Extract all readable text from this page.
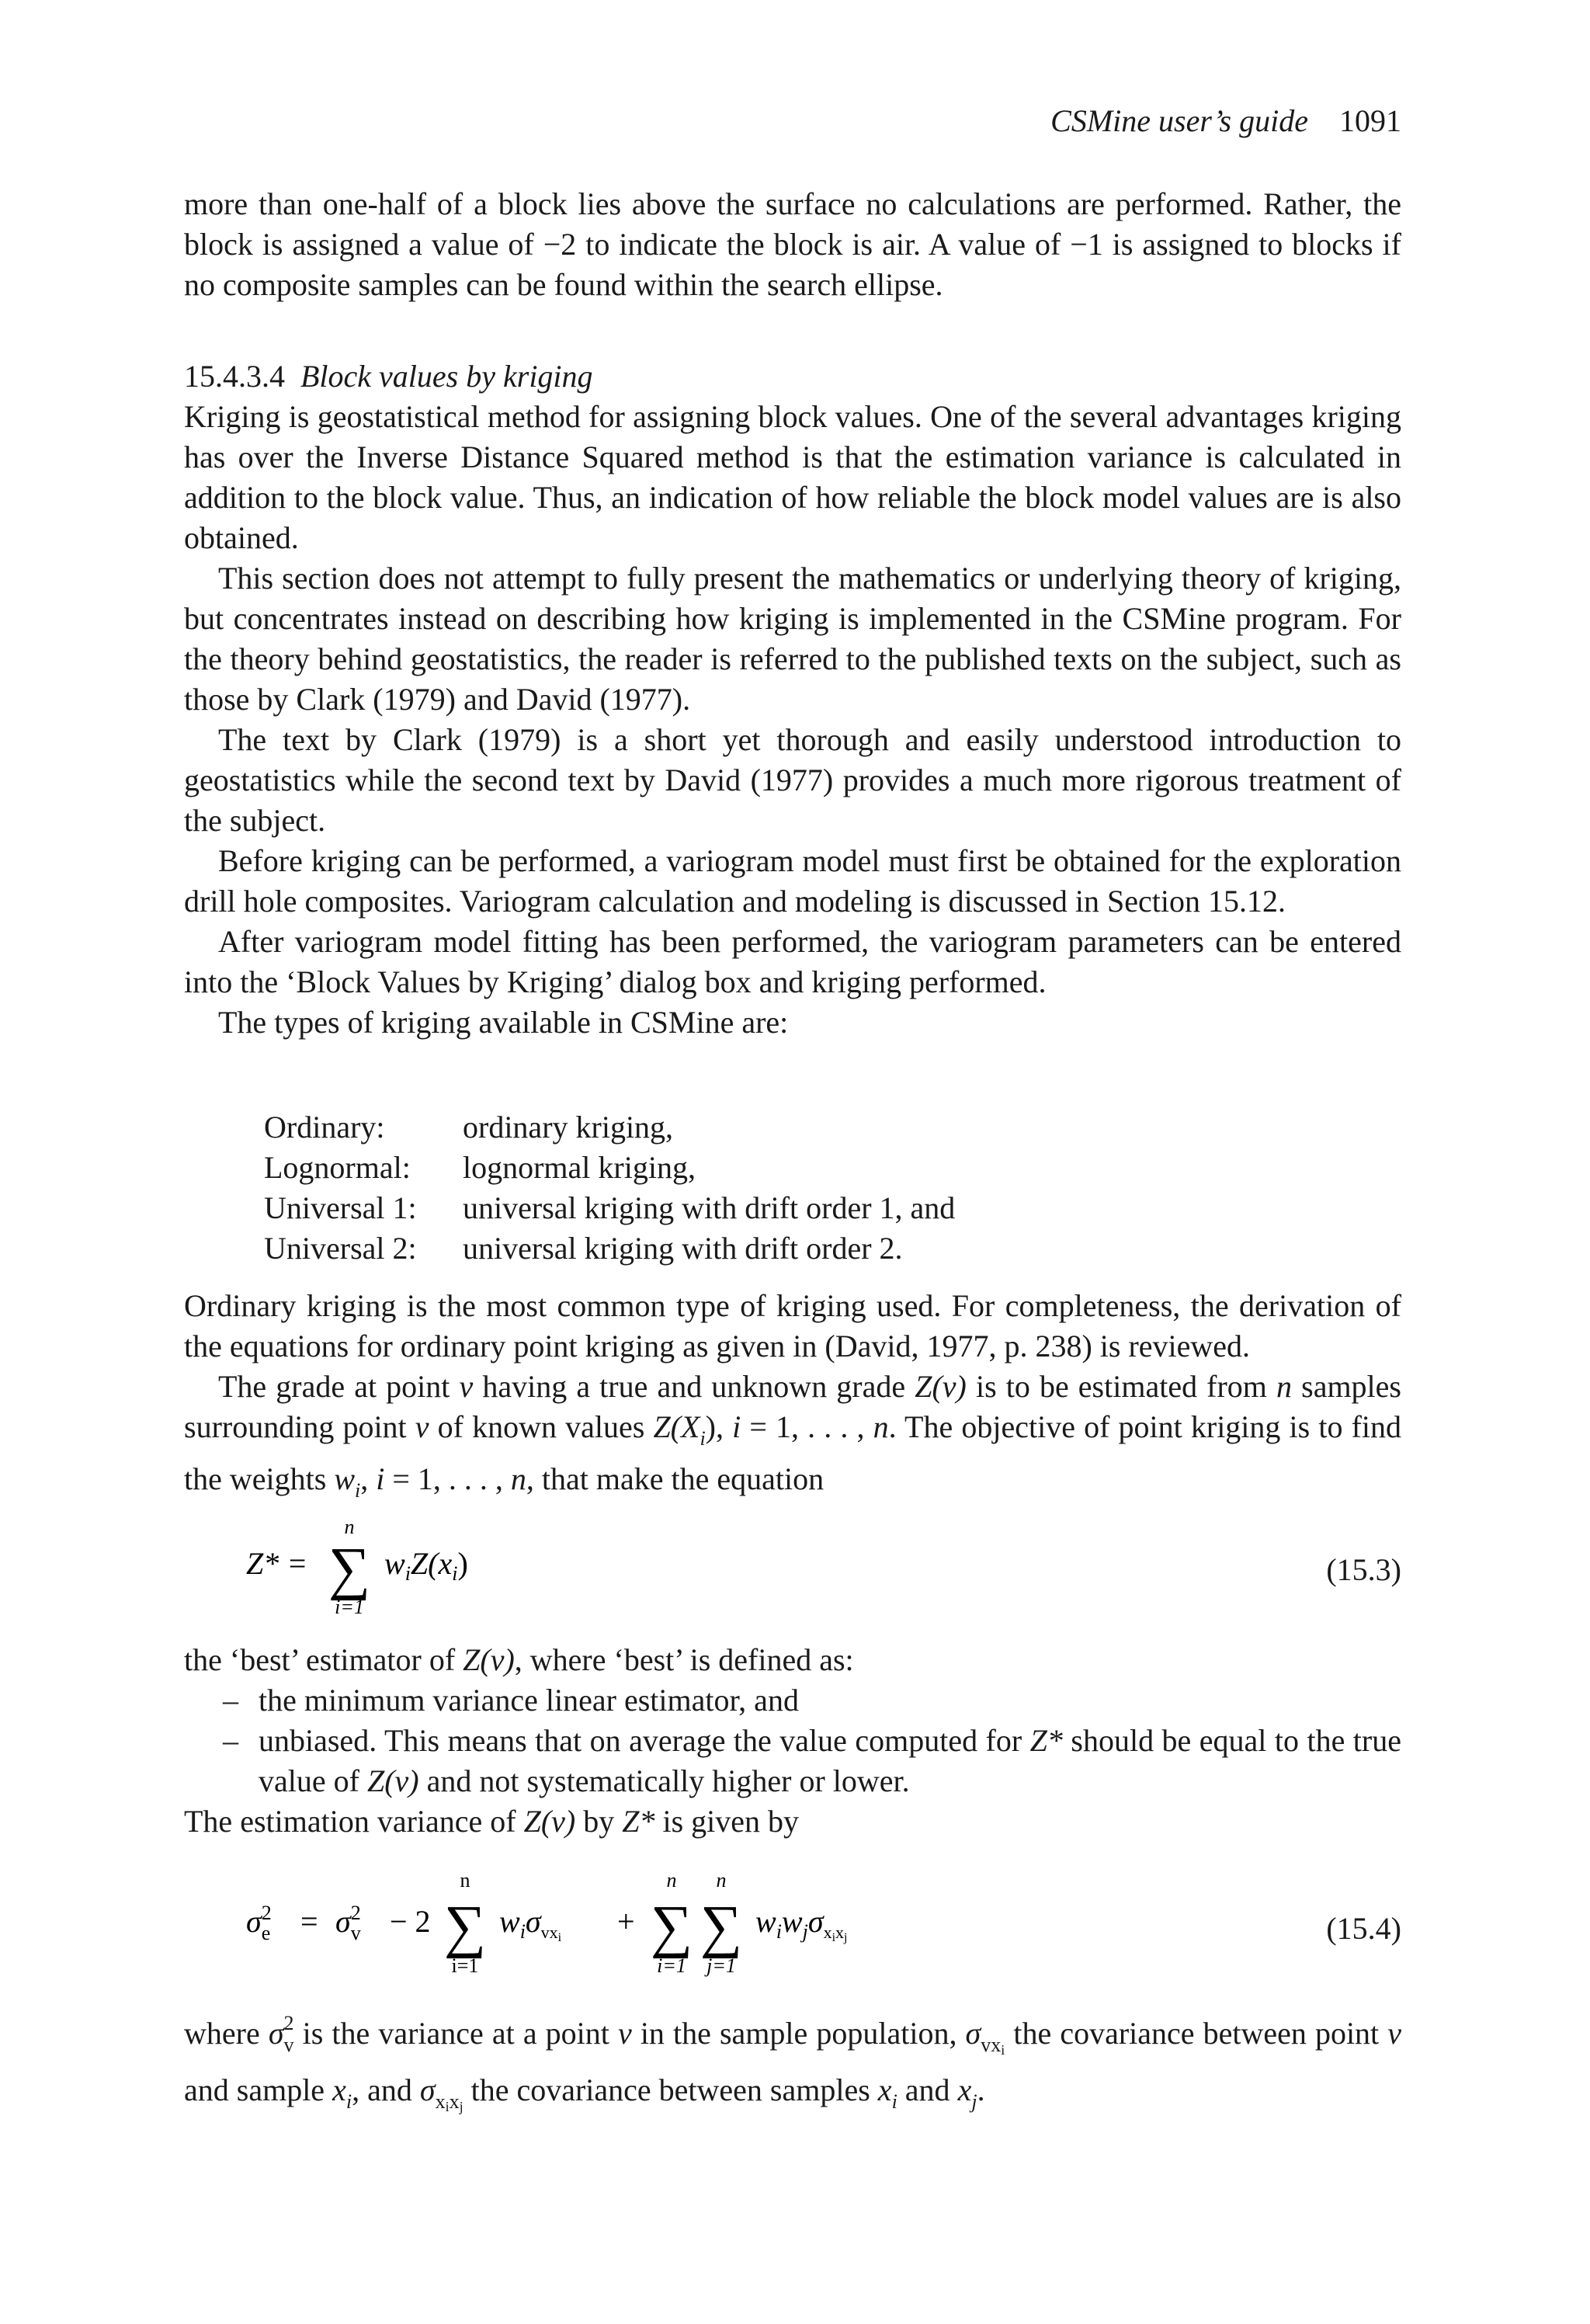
CSMine user’s guide 1091

more than one-half of a block lies above the surface no calculations are performed. Rather, the block is assigned a value of −2 to indicate the block is air. A value of −1 is assigned to blocks if no composite samples can be found within the search ellipse.

15.4.3.4 Block values by kriging

Kriging is geostatistical method for assigning block values. One of the several advantages kriging has over the Inverse Distance Squared method is that the estimation variance is calculated in addition to the block value. Thus, an indication of how reliable the block model values are is also obtained.

This section does not attempt to fully present the mathematics or underlying theory of kriging, but concentrates instead on describing how kriging is implemented in the CSMine program. For the theory behind geostatistics, the reader is referred to the published texts on the subject, such as those by Clark (1979) and David (1977).

The text by Clark (1979) is a short yet thorough and easily understood introduction to geostatistics while the second text by David (1977) provides a much more rigorous treatment of the subject.

Before kriging can be performed, a variogram model must first be obtained for the exploration drill hole composites. Variogram calculation and modeling is discussed in Section 15.12.

After variogram model fitting has been performed, the variogram parameters can be entered into the ‘Block Values by Kriging’ dialog box and kriging performed.

The types of kriging available in CSMine are:

Ordinary:	ordinary kriging,
Lognormal:	lognormal kriging,
Universal 1:	universal kriging with drift order 1, and
Universal 2:	universal kriging with drift order 2.

Ordinary kriging is the most common type of kriging used. For completeness, the derivation of the equations for ordinary point kriging as given in (David, 1977, p. 238) is reviewed.

The grade at point v having a true and unknown grade Z(v) is to be estimated from n samples surrounding point v of known values $Z(X_i)$, i = 1, . . . , n. The objective of point kriging is to find the weights $w_i$, i = 1, . . . , n, that make the equation

Z* =
n
∑
i=1
$w_iZ(x_i)$	(15.3)

the ‘best’ estimator of Z(v), where ‘best’ is defined as:

– the minimum variance linear estimator, and
– unbiased. This means that on average the value computed for Z* should be equal to the true value of Z(v) and not systematically higher or lower.

The estimation variance of Z(v) by Z* is given by

$\sigma^2$ $e = \sigma^2$ v − 2
n
∑
i=1
$w_i\sigma_{vx}i$ +
n
∑
i=1
n
∑
j=1
$w_iw_j\sigma_xixj$	(15.4)

where $\sigma^2_v$ is the variance at a point v in the sample population, $\sigma_{vxi}$ the covariance between point v and sample $x_i$, and $\sigma_{xixj}$ the covariance between samples $x_i$ and $x_j$.
